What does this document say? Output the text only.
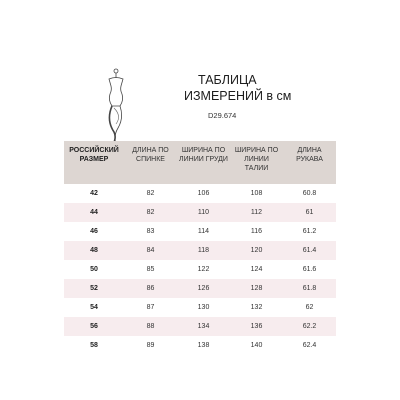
ТАБЛИЦА
ИЗМЕРЕНИЙ в см
D29.674
РОССИЙСКИЙ РАЗМЕР	ДЛИНА ПО СПИНКЕ	ШИРИНА ПО ЛИНИИ ГРУДИ	ШИРИНА ПО ЛИНИИ ТАЛИИ	ДЛИНА РУКАВА
42	82	106	108	60.8
44	82	110	112	61
46	83	114	116	61.2
48	84	118	120	61.4
50	85	122	124	61.6
52	86	126	128	61.8
54	87	130	132	62
56	88	134	136	62.2
58	89	138	140	62.4
